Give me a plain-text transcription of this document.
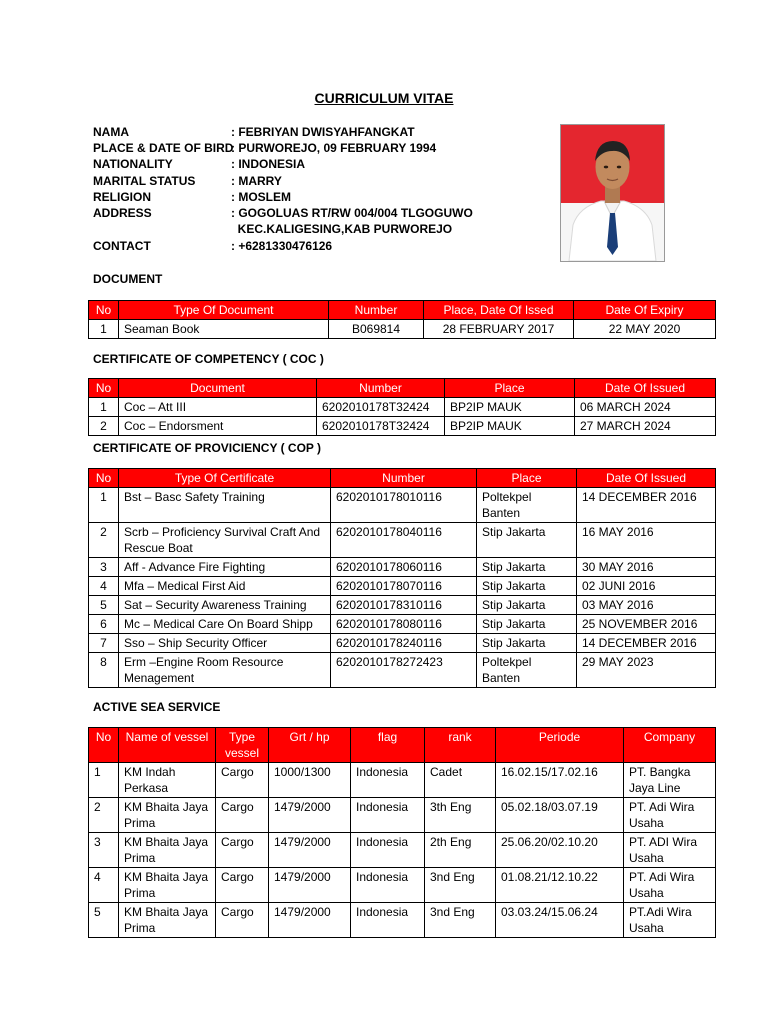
CURRICULUM VITAE
NAMA	: FEBRIYAN DWISYAHFANGKAT
PLACE & DATE OF BIRD
: PURWOREJO, 09 FEBRUARY 1994
NATIONALITY	: INDONESIA
MARITAL STATUS	: MARRY
RELIGION	: MOSLEM
ADDRESS	: GOGOLUAS RT/RW 004/004 TLGOGUWO
KEC.KALIGESING,KAB PURWOREJO
CONTACT	: +6281330476126
DOCUMENT
No	Type Of Document	Number	Place, Date Of Issed	Date Of Expiry
1	Seaman Book	B069814	28 FEBRUARY 2017	22 MAY 2020
CERTIFICATE OF COMPETENCY ( COC )
No	Document	Number	Place	Date Of Issued
1	Coc – Att III	6202010178T32424	BP2IP MAUK	06 MARCH 2024
2	Coc – Endorsment	6202010178T32424	BP2IP MAUK	27 MARCH 2024
CERTIFICATE OF PROVICIENCY ( COP )
No	Type Of Certificate	Number	Place	Date Of Issued
1	Bst – Basc Safety Training	6202010178010116	Poltekpel Banten	14 DECEMBER 2016
2	Scrb – Proficiency Survival Craft And Rescue Boat	6202010178040116	Stip Jakarta	16 MAY 2016
3	Aff - Advance Fire Fighting	6202010178060116	Stip Jakarta	30 MAY 2016
4	Mfa – Medical First Aid	6202010178070116	Stip Jakarta	02 JUNI 2016
5	Sat – Security Awareness Training	6202010178310116	Stip Jakarta	03 MAY 2016
6	Mc – Medical Care On Board Shipp	6202010178080116	Stip Jakarta	25 NOVEMBER 2016
7	Sso – Ship Security Officer	6202010178240116	Stip Jakarta	14 DECEMBER 2016
8	Erm –Engine Room Resource Menagement	6202010178272423	Poltekpel Banten	29 MAY 2023
ACTIVE SEA SERVICE
No	Name of vessel	Type vessel	Grt / hp	flag	rank	Periode	Company
1	KM Indah Perkasa	Cargo	1000/1300	Indonesia	Cadet	16.02.15/17.02.16	PT. Bangka Jaya Line
2	KM Bhaita Jaya Prima	Cargo	1479/2000	Indonesia	3th Eng	05.02.18/03.07.19	PT. Adi Wira Usaha
3	KM Bhaita Jaya Prima	Cargo	1479/2000	Indonesia	2th Eng	25.06.20/02.10.20	PT. ADI Wira Usaha
4	KM Bhaita Jaya Prima	Cargo	1479/2000	Indonesia	3nd Eng	01.08.21/12.10.22	PT. Adi Wira Usaha
5	KM Bhaita Jaya Prima	Cargo	1479/2000	Indonesia	3nd Eng	03.03.24/15.06.24	PT.Adi Wira Usaha
